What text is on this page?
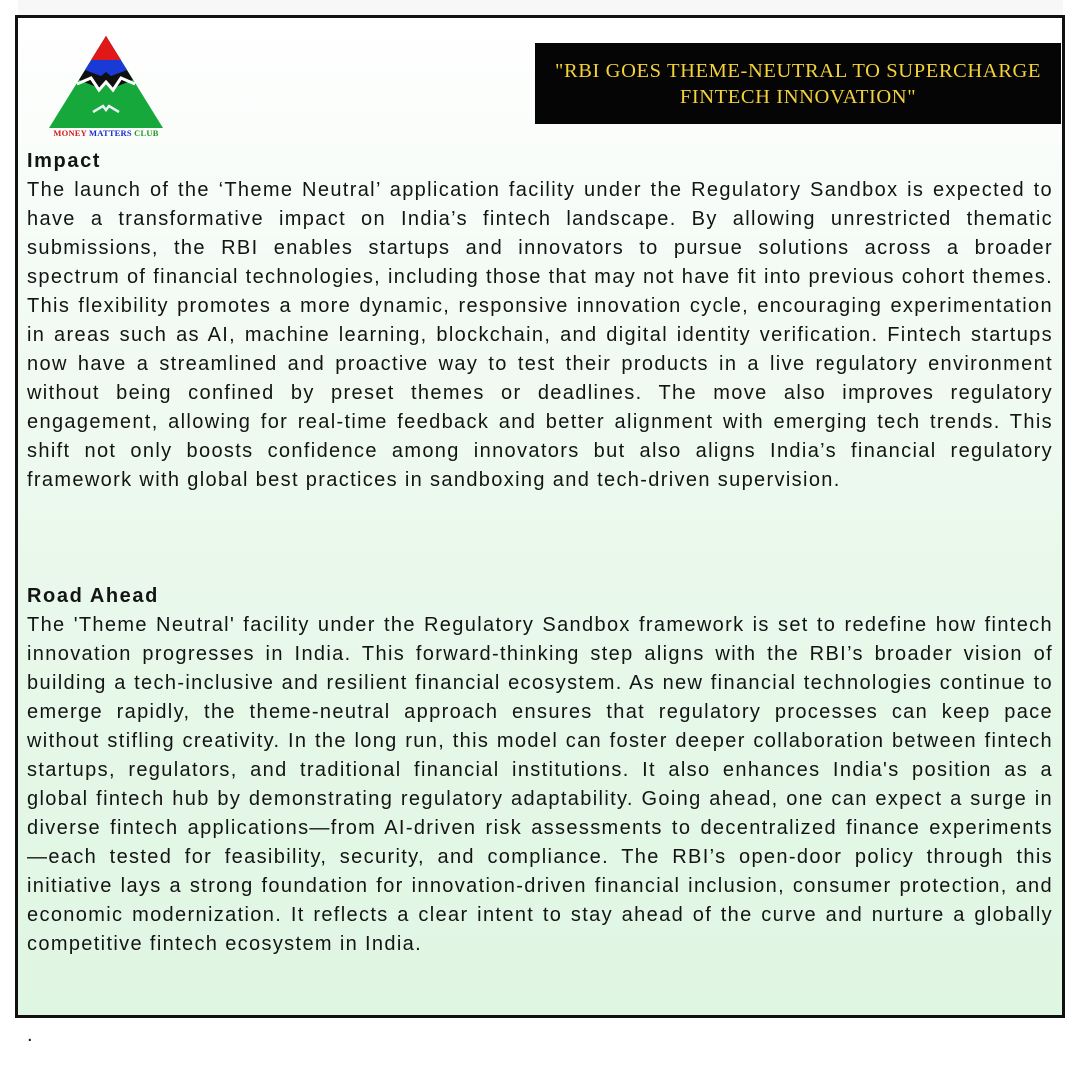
MONEY MATTERS CLUB
"RBI GOES THEME-NEUTRAL TO SUPERCHARGE FINTECH INNOVATION"
Impact

The launch of the ‘Theme Neutral’ application facility under the Regulatory Sandbox is expected to have a transformative impact on India’s fintech landscape. By allowing unrestricted thematic submissions, the RBI enables startups and innovators to pursue solutions across a broader spectrum of financial technologies, including those that may not have fit into previous cohort themes. This flexibility promotes a more dynamic, responsive innovation cycle, encouraging experimentation in areas such as AI, machine learning, blockchain, and digital identity verification. Fintech startups now have a streamlined and proactive way to test their products in a live regulatory environment without being confined by preset themes or deadlines. The move also improves regulatory engagement, allowing for real-time feedback and better alignment with emerging tech trends. This shift not only boosts confidence among innovators but also aligns India’s financial regulatory framework with global best practices in sandboxing and tech-driven supervision.

Road Ahead

The 'Theme Neutral' facility under the Regulatory Sandbox framework is set to redefine how fintech innovation progresses in India. This forward-thinking step aligns with the RBI’s broader vision of building a tech-inclusive and resilient financial ecosystem. As new financial technologies continue to emerge rapidly, the theme-neutral approach ensures that regulatory processes can keep pace without stifling creativity. In the long run, this model can foster deeper collaboration between fintech startups, regulators, and traditional financial institutions. It also enhances India's position as a global fintech hub by demonstrating regulatory adaptability. Going ahead, one can expect a surge in diverse fintech applications—from AI-driven risk assessments to decentralized finance experiments—each tested for feasibility, security, and compliance. The RBI’s open-door policy through this initiative lays a strong foundation for innovation-driven financial inclusion, consumer protection, and economic modernization. It reflects a clear intent to stay ahead of the curve and nurture a globally competitive fintech ecosystem in India.

.
